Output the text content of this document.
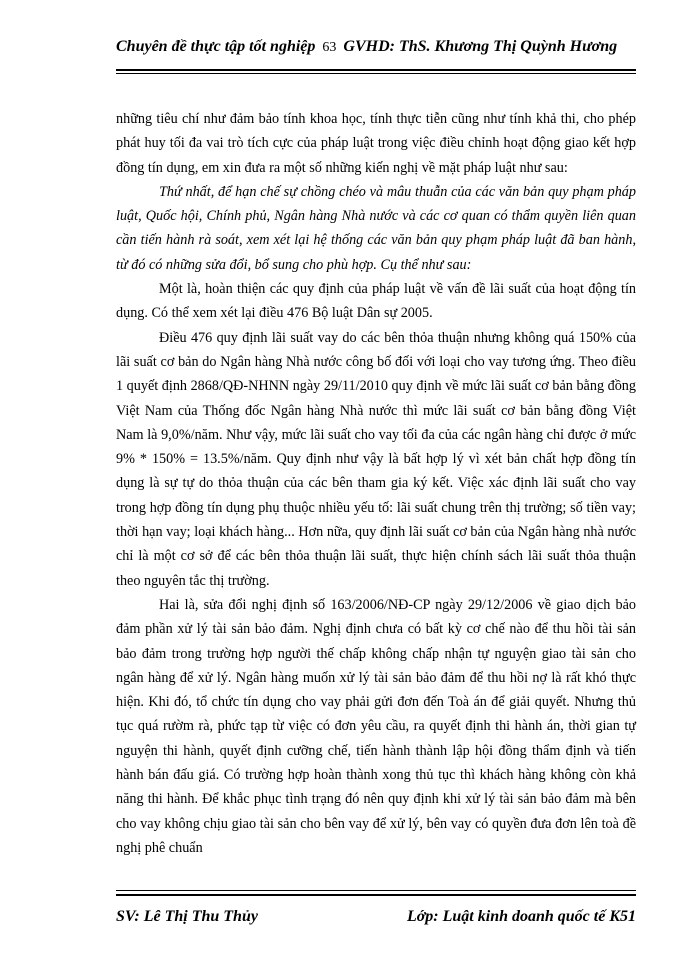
Chuyên đề thực tập tốt nghiệp 63 GVHD: ThS. Khương Thị Quỳnh Hương

những tiêu chí như đảm bảo tính khoa học, tính thực tiễn cũng như tính khả thi, cho phép phát huy tối đa vai trò tích cực của pháp luật trong việc điều chỉnh hoạt động giao kết hợp đồng tín dụng, em xin đưa ra một số những kiến nghị về mặt pháp luật như sau:

Thứ nhất, để hạn chế sự chồng chéo và mâu thuẫn của các văn bản quy phạm pháp luật, Quốc hội, Chính phủ, Ngân hàng Nhà nước và các cơ quan có thẩm quyền liên quan cần tiến hành rà soát, xem xét lại hệ thống các văn bản quy phạm pháp luật đã ban hành, từ đó có những sửa đổi, bổ sung cho phù hợp. Cụ thể như sau:

Một là, hoàn thiện các quy định của pháp luật về vấn đề lãi suất của hoạt động tín dụng. Có thể xem xét lại điều 476 Bộ luật Dân sự 2005.

Điều 476 quy định lãi suất vay do các bên thỏa thuận nhưng không quá 150% của lãi suất cơ bản do Ngân hàng Nhà nước công bố đối với loại cho vay tương ứng. Theo điều 1 quyết định 2868/QĐ-NHNN ngày 29/11/2010 quy định về mức lãi suất cơ bản bằng đồng Việt Nam của Thống đốc Ngân hàng Nhà nước thì mức lãi suất cơ bản bằng đồng Việt Nam là 9,0%/năm. Như vậy, mức lãi suất cho vay tối đa của các ngân hàng chỉ được ở mức 9% * 150% = 13.5%/năm. Quy định như vậy là bất hợp lý vì xét bản chất hợp đồng tín dụng là sự tự do thỏa thuận của các bên tham gia ký kết. Việc xác định lãi suất cho vay trong hợp đồng tín dụng phụ thuộc nhiều yếu tố: lãi suất chung trên thị trường; số tiền vay; thời hạn vay; loại khách hàng... Hơn nữa, quy định lãi suất cơ bản của Ngân hàng nhà nước chỉ là một cơ sở để các bên thỏa thuận lãi suất, thực hiện chính sách lãi suất thỏa thuận theo nguyên tắc thị trường.

Hai là, sửa đổi nghị định số 163/2006/NĐ-CP ngày 29/12/2006 về giao dịch bảo đảm phần xử lý tài sản bảo đảm. Nghị định chưa có bất kỳ cơ chế nào để thu hồi tài sản bảo đảm trong trường hợp người thế chấp không chấp nhận tự nguyện giao tài sản cho ngân hàng để xử lý. Ngân hàng muốn xử lý tài sản bảo đảm để thu hồi nợ là rất khó thực hiện. Khi đó, tổ chức tín dụng cho vay phải gửi đơn đến Toà án để giải quyết. Nhưng thủ tục quá rườm rà, phức tạp từ việc có đơn yêu cầu, ra quyết định thi hành án, thời gian tự nguyện thi hành, quyết định cưỡng chế, tiến hành thành lập hội đồng thẩm định và tiến hành bán đấu giá. Có trường hợp hoàn thành xong thủ tục thì khách hàng không còn khả năng thi hành. Để khắc phục tình trạng đó nên quy định khi xử lý tài sản bảo đảm mà bên cho vay không chịu giao tài sản cho bên vay để xử lý, bên vay có quyền đưa đơn lên toà đề nghị phê chuẩn

SV: Lê Thị Thu Thủy	Lớp: Luật kinh doanh quốc tế K51
